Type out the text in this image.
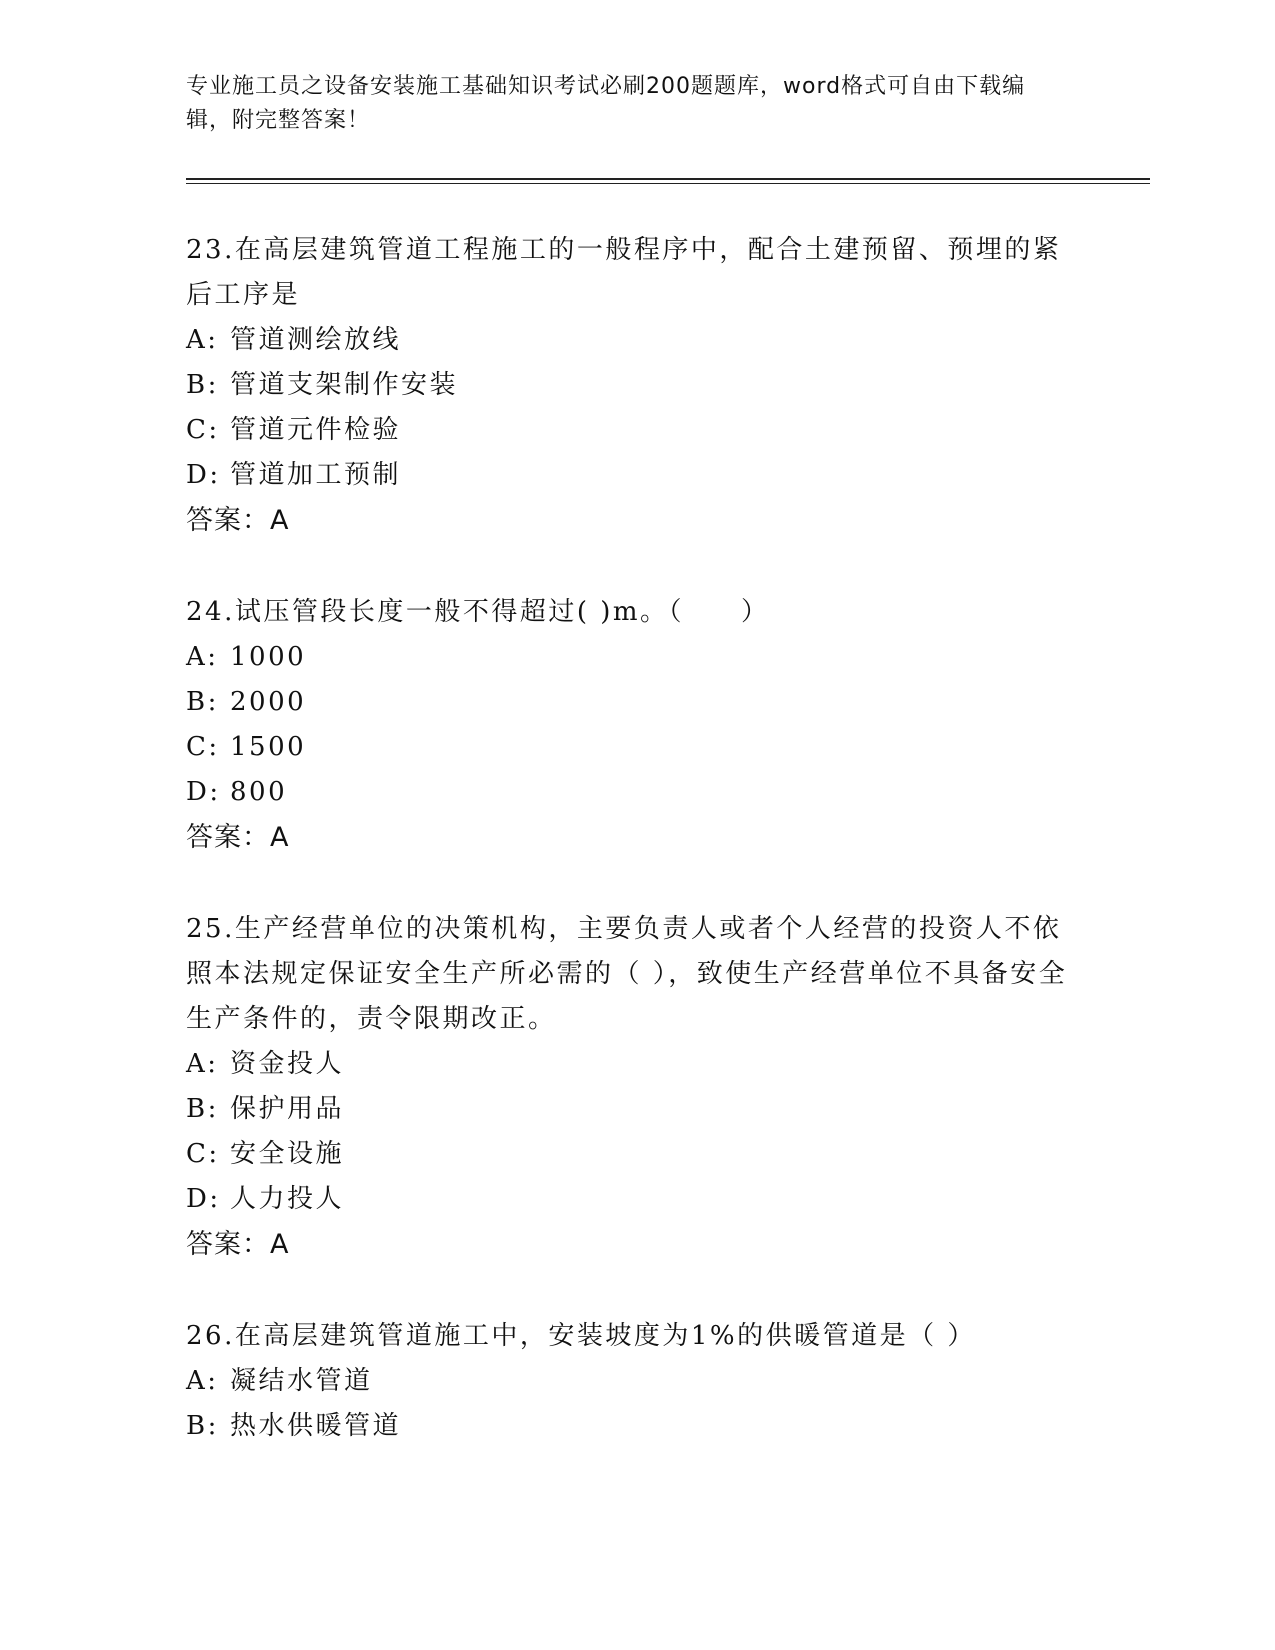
专业施工员之设备安装施工基础知识考试必刷200题题库，word格式可自由下载编辑，附完整答案！
23.在高层建筑管道工程施工的一般程序中，配合土建预留、预埋的紧后工序是
A: 管道测绘放线
B: 管道支架制作安装
C: 管道元件检验
D: 管道加工预制
答案：A
24.试压管段长度一般不得超过( )m。（　　）
A: 1000
B: 2000
C: 1500
D: 800
答案：A
25.生产经营单位的决策机构，主要负责人或者个人经营的投资人不依照本法规定保证安全生产所必需的（ ），致使生产经营单位不具备安全生产条件的，责令限期改正。
A: 资金投人
B: 保护用品
C: 安全设施
D: 人力投人
答案：A
26.在高层建筑管道施工中，安装坡度为1%的供暖管道是（ ）
A: 凝结水管道
B: 热水供暖管道
